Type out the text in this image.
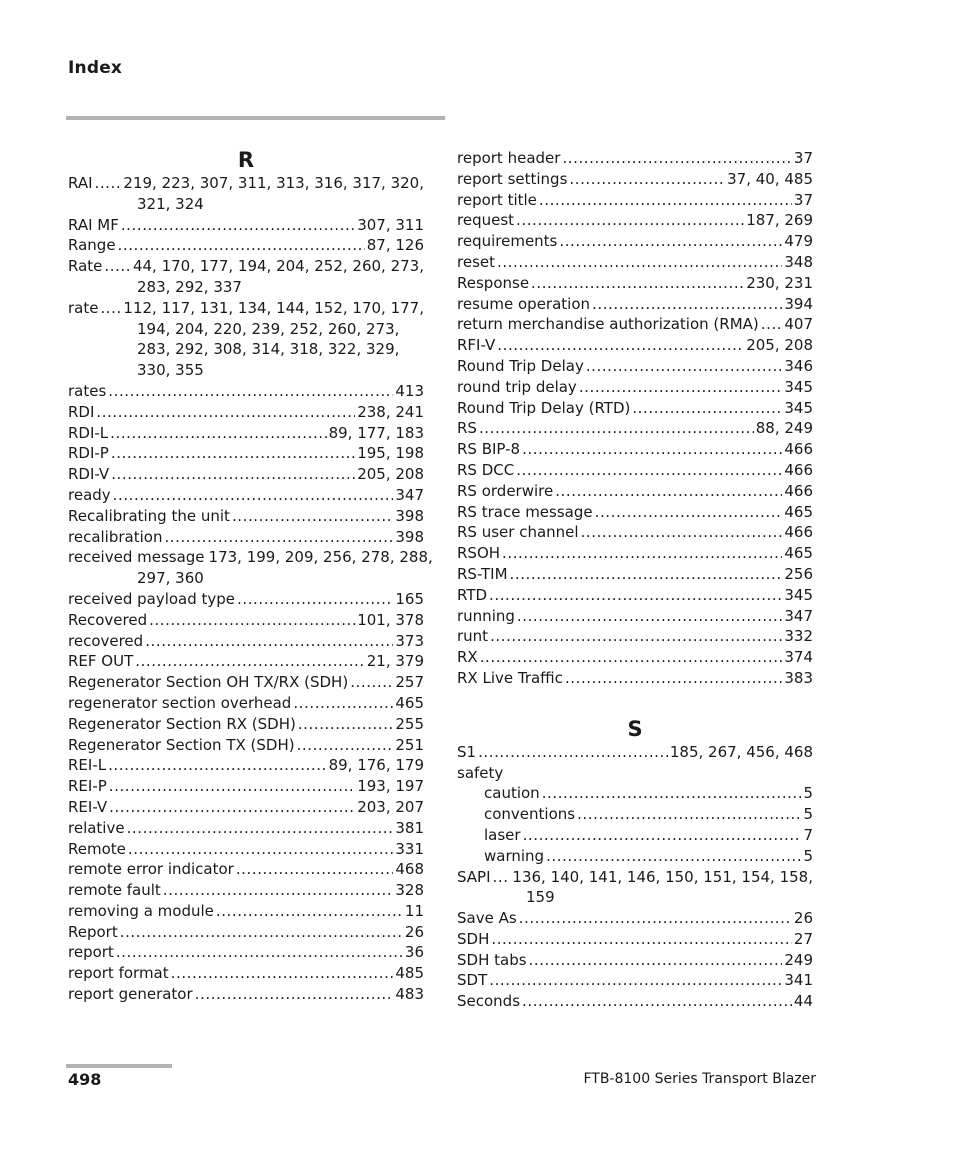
Index
R
RAI . . . 219, 223, 307, 311, 313, 316, 317, 320,
321, 324
RAI MF . . .	307, 311
Range . . .	87, 126
Rate . . . 44, 170, 177, 194, 204, 252, 260, 273,
283, 292, 337
rate . . . 112, 117, 131, 134, 144, 152, 170, 177,
194, 204, 220, 239, 252, 260, 273,
283, 292, 308, 314, 318, 322, 329,
330, 355
rates . . .	413
RDI . . .	238, 241
RDI-L . . .	89, 177, 183
RDI-P . . .	195, 198
RDI-V . . .	205, 208
ready . . .	347
Recalibrating the unit . . .	398
recalibration . . .	398
received message 173, 199, 209, 256, 278, 288,
297, 360
received payload type . . .	165
Recovered . . .	101, 378
recovered . . .	373
REF OUT . . .	21, 379
Regenerator Section OH TX/RX (SDH) . . .	257
regenerator section overhead . . .	465
Regenerator Section RX (SDH) . . .	255
Regenerator Section TX (SDH) . . .	251
REI-L . . .	89, 176, 179
REI-P . . .	193, 197
REI-V . . .	203, 207
relative . . .	381
Remote . . .	331
remote error indicator . . .	468
remote fault . . .	328
removing a module . . .	11
Report . . .	26
report . . .	36
report format . . .	485
report generator . . .	483
report header . . .	37
report settings . . .	37, 40, 485
report title . . .	37
request . . .	187, 269
requirements . . .	479
reset . . .	348
Response . . .	230, 231
resume operation . . .	394
return merchandise authorization (RMA) . . . 407
RFI-V . . .	205, 208
Round Trip Delay . . .	346
round trip delay . . .	345
Round Trip Delay (RTD) . . .	345
RS . . .	88, 249
RS BIP-8 . . .	466
RS DCC . . .	466
RS orderwire . . .	466
RS trace message . . .	465
RS user channel . . .	466
RSOH . . .	465
RS-TIM . . .	256
RTD . . .	345
running . . .	347
runt . . .	332
RX . . .	374
RX Live Traffic . . .	383
S
S1 . . .	185, 267, 456, 468
safety
caution . . .	5
conventions . . .	5
laser . . .	7
warning . . .	5
SAPI . . . 136, 140, 141, 146, 150, 151, 154, 158,
159
Save As . . .	26
SDH . . .	27
SDH tabs . . .	249
SDT . . .	341
Seconds . . .	44
498	FTB-8100 Series Transport Blazer
